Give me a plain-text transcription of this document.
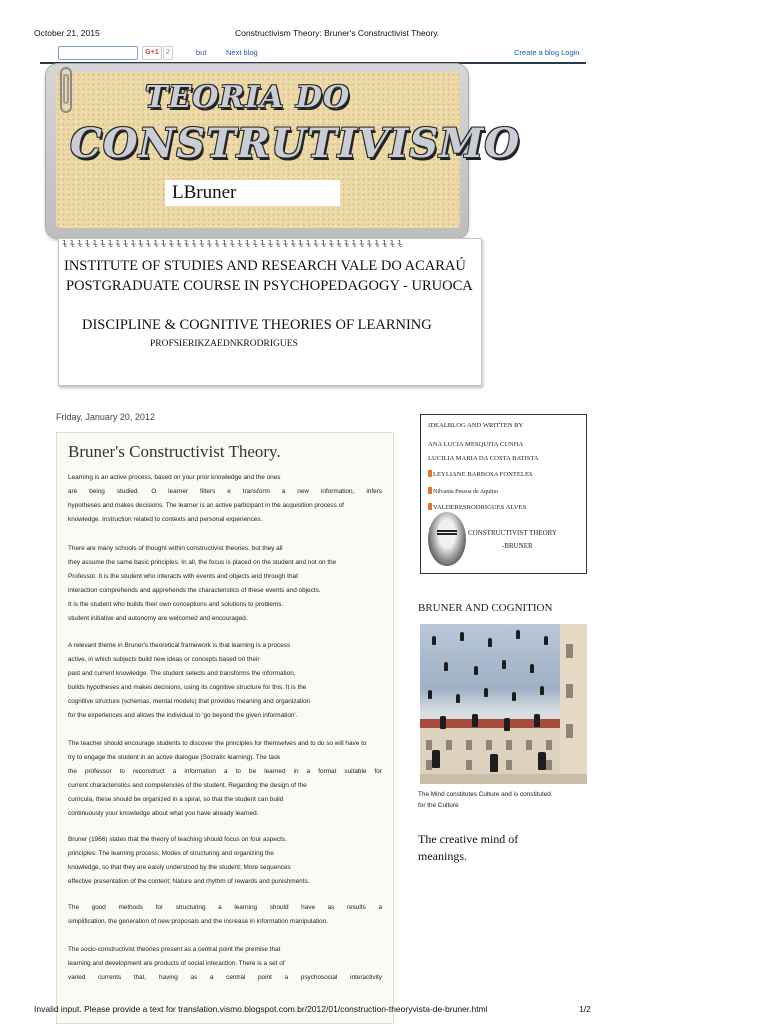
October 21, 2015	Constructivism Theory: Bruner's Constructivist Theory.
G+1	2	but	Next blog	Create a blog Login
TEORIA DO
CONSTRUTIVISMO
LBruner
ɫɫɫɫɫɫɫɫɫɫɫɫɫɫɫɫɫɫɫɫɫɫɫɫɫɫɫɫɫɫɫɫɫɫɫɫɫɫɫɫɫɫɫɫɫ
INSTITUTE OF STUDIES AND RESEARCH VALE DO ACARAÚ
POSTGRADUATE COURSE IN PSYCHOPEDAGOGY - URUOCA
DISCIPLINE & COGNITIVE THEORIES OF LEARNING
PROFSIERIKZAEDNKRODRIGUES
Friday, January 20, 2012
Bruner's Constructivist Theory.
Learning is an active process, based on your prior knowledge and the ones
are being studied. O learner filters e transform a new information, infers
hypotheses and makes decisions. The learner is an active participant in the acquisition process of
knowledge. Instruction related to contexts and personal experiences.
There are many schools of thought within constructivist theories, but they all
they assume the same basic principles. In all, the focus is placed on the student and not on the
Professor. It is the student who interacts with events and objects and through that
interaction comprehends and apprehends the characteristics of these events and objects.
It is the student who builds their own conceptions and solutions to problems.
student initiative and autonomy are welcomed and encouraged.
A relevant theme in Bruner's theoretical framework is that learning is a process
active, in which subjects build new ideas or concepts based on their
past and current knowledge. The student selects and transforms the information,
builds hypotheses and makes decisions, using its cognitive structure for this. It is the
cognitive structure (schemas, mental models) that provides meaning and organization
for the experiences and allows the individual to 'go beyond the given information'.
The teacher should encourage students to discover the principles for themselves and to do so will have to
try to engage the student in an active dialogue (Socratic learning). The task
the professor to reconstruct a information a to be learned in a format suitable for
current characteristics and competencies of the student. Regarding the design of the
curricula, these should be organized in a spiral, so that the student can build
continuously your knowledge about what you have already learned.
Bruner (1966) states that the theory of teaching should focus on four aspects.
principles: The learning process; Modes of structuring and organizing the
knowledge, so that they are easily understood by the student; More sequences
effective presentation of the content; Nature and rhythm of rewards and punishments.
The good methods for structuring a learning should have as results a
simplification, the generation of new proposals and the increase in information manipulation.
The socio-constructivist theories present as a central point the premise that
learning and development are products of social interaction. There is a set of
varied currents that, having as a central point a psychosocial interactivity
IDEALBLOG AND WRITTEN BY
ANA LUCIA MESQUITA CUNHA
LUCILIA MARIA DA COSTA BATISTA
LEYLIANE BARBOSA FONTELES
Nilvania Pessoa de Aquino
VALDERESRODRIGUES ALVES
CONSTRUCTIVIST THEORY
-BRUNER
BRUNER AND COGNITION
The Mind constitutes Culture and is constituted.
for the Culture
The creative mind of
meanings.
Invalid input. Please provide a text for translation.vismo.blogspot.com.br/2012/01/construction-theoryvista-de-bruner.html	1/2
